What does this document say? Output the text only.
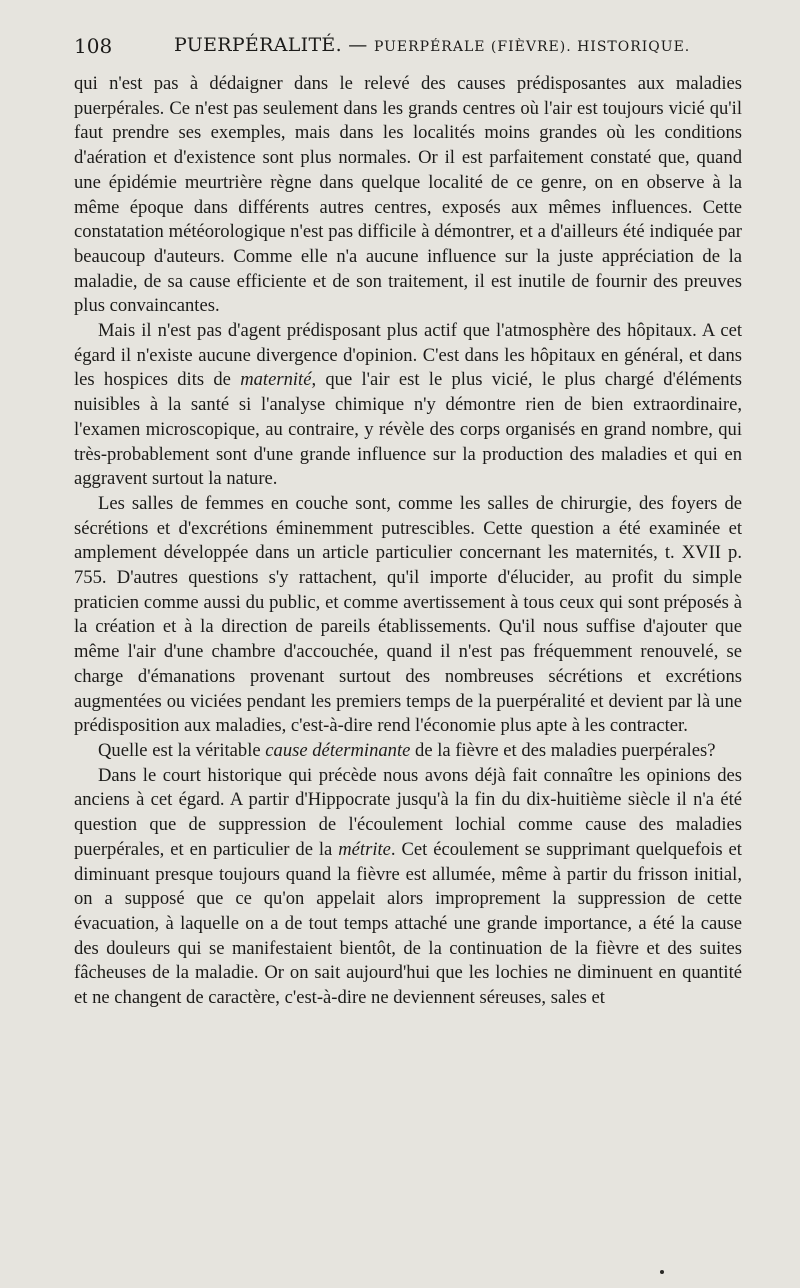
108	PUERPÉRALITÉ. — PUERPÉRALE (FIÈVRE). HISTORIQUE.

qui n'est pas à dédaigner dans le relevé des causes prédisposantes aux maladies puerpérales. Ce n'est pas seulement dans les grands centres où l'air est toujours vicié qu'il faut prendre ses exemples, mais dans les localités moins grandes où les conditions d'aération et d'existence sont plus normales. Or il est parfaitement constaté que, quand une épidémie meurtrière règne dans quelque localité de ce genre, on en observe à la même époque dans différents autres centres, exposés aux mêmes influences. Cette constatation météorologique n'est pas difficile à démontrer, et a d'ailleurs été indiquée par beaucoup d'auteurs. Comme elle n'a aucune influence sur la juste appréciation de la maladie, de sa cause efficiente et de son traitement, il est inutile de fournir des preuves plus convaincantes.

Mais il n'est pas d'agent prédisposant plus actif que l'atmosphère des hôpitaux. A cet égard il n'existe aucune divergence d'opinion. C'est dans les hôpitaux en général, et dans les hospices dits de maternité, que l'air est le plus vicié, le plus chargé d'éléments nuisibles à la santé si l'analyse chimique n'y démontre rien de bien extraordinaire, l'examen microscopique, au contraire, y révèle des corps organisés en grand nombre, qui très-probablement sont d'une grande influence sur la production des maladies et qui en aggravent surtout la nature.

Les salles de femmes en couche sont, comme les salles de chirurgie, des foyers de sécrétions et d'excrétions éminemment putrescibles. Cette question a été examinée et amplement développée dans un article particulier concernant les maternités, t. XVII p. 755. D'autres questions s'y rattachent, qu'il importe d'élucider, au profit du simple praticien comme aussi du public, et comme avertissement à tous ceux qui sont préposés à la création et à la direction de pareils établissements. Qu'il nous suffise d'ajouter que même l'air d'une chambre d'accouchée, quand il n'est pas fréquemment renouvelé, se charge d'émanations provenant surtout des nombreuses sécrétions et excrétions augmentées ou viciées pendant les premiers temps de la puerpéralité et devient par là une prédisposition aux maladies, c'est-à-dire rend l'économie plus apte à les contracter.

Quelle est la véritable cause déterminante de la fièvre et des maladies puerpérales?

Dans le court historique qui précède nous avons déjà fait connaître les opinions des anciens à cet égard. A partir d'Hippocrate jusqu'à la fin du dix-huitième siècle il n'a été question que de suppression de l'écoulement lochial comme cause des maladies puerpérales, et en particulier de la métrite. Cet écoulement se supprimant quelquefois et diminuant presque toujours quand la fièvre est allumée, même à partir du frisson initial, on a supposé que ce qu'on appelait alors improprement la suppression de cette évacuation, à laquelle on a de tout temps attaché une grande importance, a été la cause des douleurs qui se manifestaient bientôt, de la continuation de la fièvre et des suites fâcheuses de la maladie. Or on sait aujourd'hui que les lochies ne diminuent en quantité et ne changent de caractère, c'est-à-dire ne deviennent séreuses, sales et
